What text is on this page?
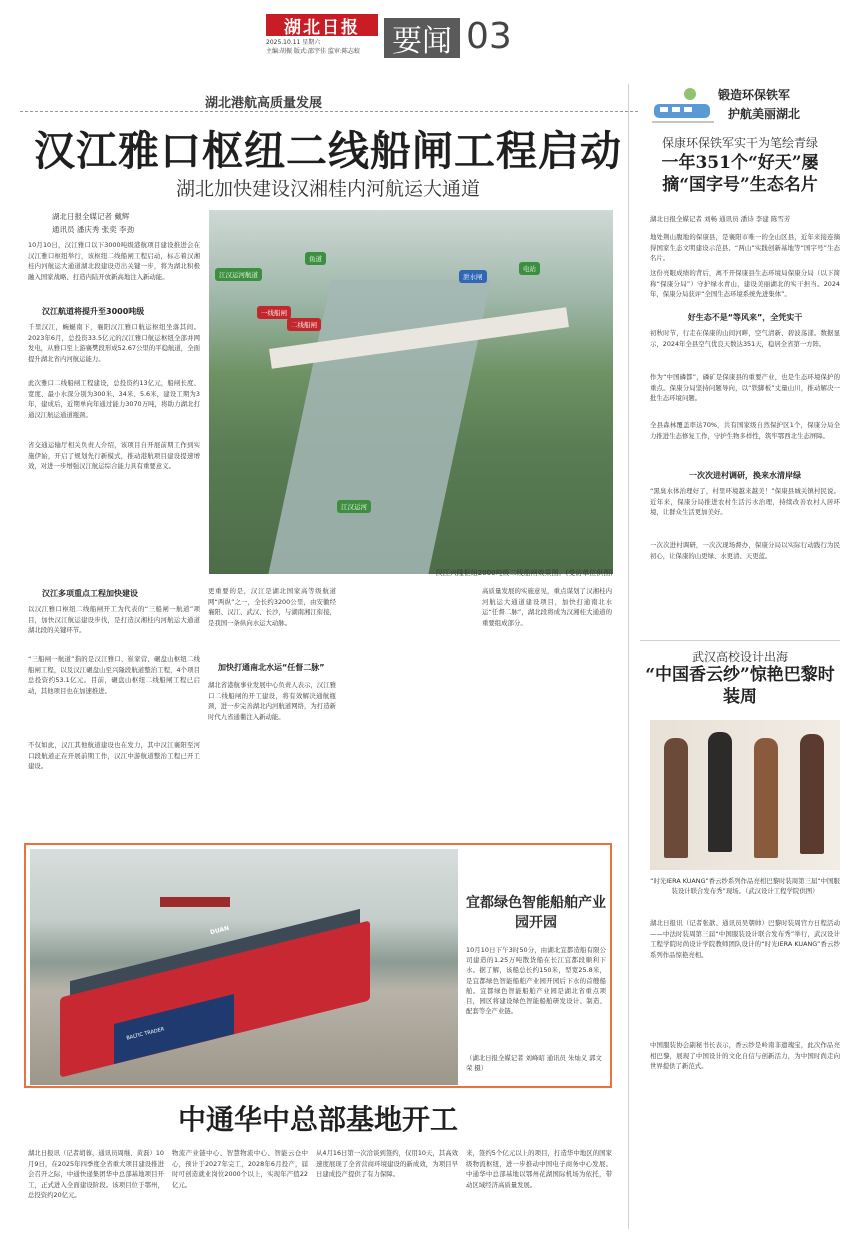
湖北日报
2025.10.11 星期六
主编:胡振 版式:邵宇佳 监审:陈志蛟 要闻 03
湖北港航高质量发展
汉江雅口枢纽二线船闸工程启动
湖北加快建设汉湘桂内河航运大通道
湖北日报全媒记者 戴辉
通讯员 潘庆秀 张奕 李劲
10月10日，汉江雅口以下3000吨级港航项目建设推进会在汉江雅口枢纽举行，该枢纽二线船闸工程启动，标志着汉湘桂内河航运大通道湖北段建设迈出关键一步，将为湖北积极融入国家战略、打造内陆开放新高地注入新动能。
汉江航道将提升至3000吨级
千里汉江，蜿蜒南下，襄阳汉江雅口航运枢纽坐落其间。2023年6月，总投资33.5亿元的汉江雅口航运枢纽全部并网发电，从雅口至上游襄樊段形成52.67公里的平稳航道，全面提升湖北省内河航运能力。
此次雅口二线船闸工程建设，总投资约13亿元，船闸长度、宽度、最小水深分别为300米、34米、5.6米，建设工期为3年，建成后，近期单向年通过能力3070万吨，将助力湖北打通汉江航运通道瓶颈。
省交通运输厅相关负责人介绍，该项目自开展前期工作到实施伊始，开启了规划先行新模式，推动港航项目建设提速增效，对进一步增强汉江航运综合能力具有重要意义。
汉江多项重点工程加快建设
以汉江雅口枢纽二线船闸开工为代表的“三船闸一航道”项目，加快汉江航运建设步伐，是打造汉湘桂内河航运大通道湖北段的关键环节。
“三船闸一航道”指的是汉江雅口、崔家营、碾盘山枢纽二线船闸工程，以及汉江碾盘山至兴隆段航道整治工程，4个项目总投资约53.1亿元。目前，碾盘山枢纽二线船闸工程已启动，其他项目也在加速推进。
不仅如此，汉江其他航道建设也在发力，其中汉江襄阳至河口段航道正在开展前期工作，汉江中游航道整治工程已开工建设。
一线船闸
二线船闸
泄水闸
鱼道
电站
江汉运河航道
江汉运河
汉江兴隆枢纽2000吨级二线船闸效果图。(受访单位供图)
加快打通南北水运“任督二脉”
更重要的是，汉江是湖北国家高等级航道网“两纵”之一，全长约3200公里，由安徽经襄阳、汉江、武汉、长沙，与湖南湘江衔接，是我国一条纵向水运大动脉。
湖北省港航事业发展中心负责人表示，汉江雅口二线船闸的开工建设，将有效解决通航瓶颈，进一步完善湖北内河航道网络，为打造新时代九省通衢注入新动能。
高质量发展的实施意见，重点谋划了汉湘桂内河航运大通道建设项目，加快打通南北水运“任督二脉”，湖北段将成为汉湘桂大通道的重要组成部分。
DUAN
BALTIC TRADER
宜都绿色智能船舶产业园开园
10月10日下午3时50分，由湖北宜都造船有限公司建造的1.25万吨散货船在长江宜都段顺利下水。据了解，该船总长约150米，型宽25.8米，是宜都绿色智能船舶产业园开园后下水的首艘船舶。宜都绿色智能船舶产业园是湖北省重点项目，园区将建设绿色智能船舶研发设计、制造、配套等全产业链。
（湖北日报全媒记者 刘峰昭 通讯员 朱灿义 郭文荣 摄）
中通华中总部基地开工
湖北日报讯（记者胡蓉、通讯员周继、黄磊）10月9日，在2025年四季度全省重大项目建设推进会召开之际，中通快递集团华中总部基地项目开工，正式进入全面建设阶段。该项目位于鄂州，总投资约20亿元。
物流产业链中心、智慧物流中心、智能云仓中心，预计于2027年完工，2028年6月投产，届时可创造就业岗位2000个以上，实现年产值22亿元。
从4月16日第一次洽谈到签约，仅用10天，其高效速度展现了全省营商环境建设的新成效，为项目早日建成投产提供了有力保障。
来，签约5个亿元以上的项目，打造华中地区的国家级物流枢纽，进一步推动中国电子商务中心发展。中通华中总部基地以鄂州花湖国际机场为依托，带动区域经济高质量发展。
锻造环保铁军
护航美丽湖北
保康环保铁军实干为笔绘青绿
一年351个“好天”屡摘“国字号”生态名片
湖北日报全媒记者 刘畅 通讯员 潘诗 李建 陈雪芳
地处荆山腹地的保康县，是襄阳市唯一的全山区县，近年来接连摘得国家生态文明建设示范县、“两山”实践创新基地等“国字号”生态名片。
这份亮眼成绩的背后，离不开保康县生态环境局保康分局（以下简称“保康分局”）守护绿水青山，建设美丽湖北的实干担当。2024年，保康分局获评“全国生态环境系统先进集体”。
好生态不是“等风来”，全凭实干
初秋时节，行走在保康的山间河畔，空气清新、碧波荡漾。数据显示，2024年全县空气优良天数达351天，稳居全省第一方阵。
作为“中国磷都”，磷矿是保康县的重要产业，也是生态环境保护的重点。保康分局坚持问题导向，以“铁脚板”丈量山川，推动解决一批生态环境问题。
全县森林覆盖率达70%，共有国家级自然保护区1个，保康分局全力推进生态修复工作，守护生物多样性，筑牢鄂西北生态屏障。
一次次进村调研，换来水清岸绿
“黑臭水体治理好了，村里环境越来越美！”保康县城关镇村民说。近年来，保康分局推进农村生活污水治理，持续改善农村人居环境，让群众生活更加美好。
一次次进村调研，一次次现场督办，保康分局以实际行动践行为民初心，让保康的山更绿、水更清、天更蓝。
武汉高校设计出海
“中国香云纱”惊艳巴黎时装周
“时光IERA KUANG”香云纱系列作品亮相巴黎时装周第三届“中国服装设计联合发布秀”现场。（武汉设计工程学院供图）
湖北日报讯（记者张歆、通讯员吴朝帅）巴黎时装周官方日程活动——中法时装周第三届“中国服装设计联合发布秀”举行，武汉设计工程学院时尚设计学院教师团队设计的“时光IERA KUANG”香云纱系列作品惊艳亮相。
中国服装协会副秘书长表示，香云纱是岭南非遗瑰宝，此次作品亮相巴黎，展现了中国设计的文化自信与创新活力，为中国时尚走向世界提供了新范式。
